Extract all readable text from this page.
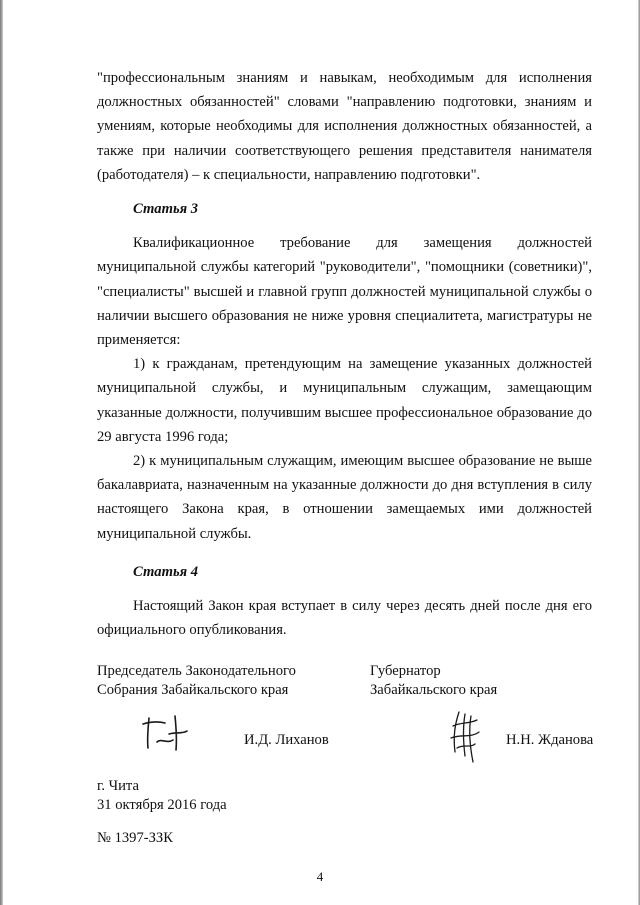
"профессиональным знаниям и навыкам, необходимым для исполнения должностных обязанностей" словами "направлению подготовки, знаниям и умениям, которые необходимы для исполнения должностных обязанностей, а также при наличии соответствующего решения представителя нанимателя (работодателя) – к специальности, направлению подготовки".

Статья 3

Квалификационное требование для замещения должностей муниципальной службы категорий "руководители", "помощники (советники)", "специалисты" высшей и главной групп должностей муниципальной службы о наличии высшего образования не ниже уровня специалитета, магистратуры не применяется:

1) к гражданам, претендующим на замещение указанных должностей муниципальной службы, и муниципальным служащим, замещающим указанные должности, получившим высшее профессиональное образование до 29 августа 1996 года;

2) к муниципальным служащим, имеющим высшее образование не выше бакалавриата, назначенным на указанные должности до дня вступления в силу настоящего Закона края, в отношении замещаемых ими должностей муниципальной службы.

Статья 4

Настоящий Закон края вступает в силу через десять дней после дня его официального опубликования.

Председатель Законодательного
Собрания Забайкальского края
Губернатор
Забайкальского края
И.Д. Лиханов	Н.Н. Жданова
г. Чита
31 октября 2016 года
№ 1397-ЗЗК
4
